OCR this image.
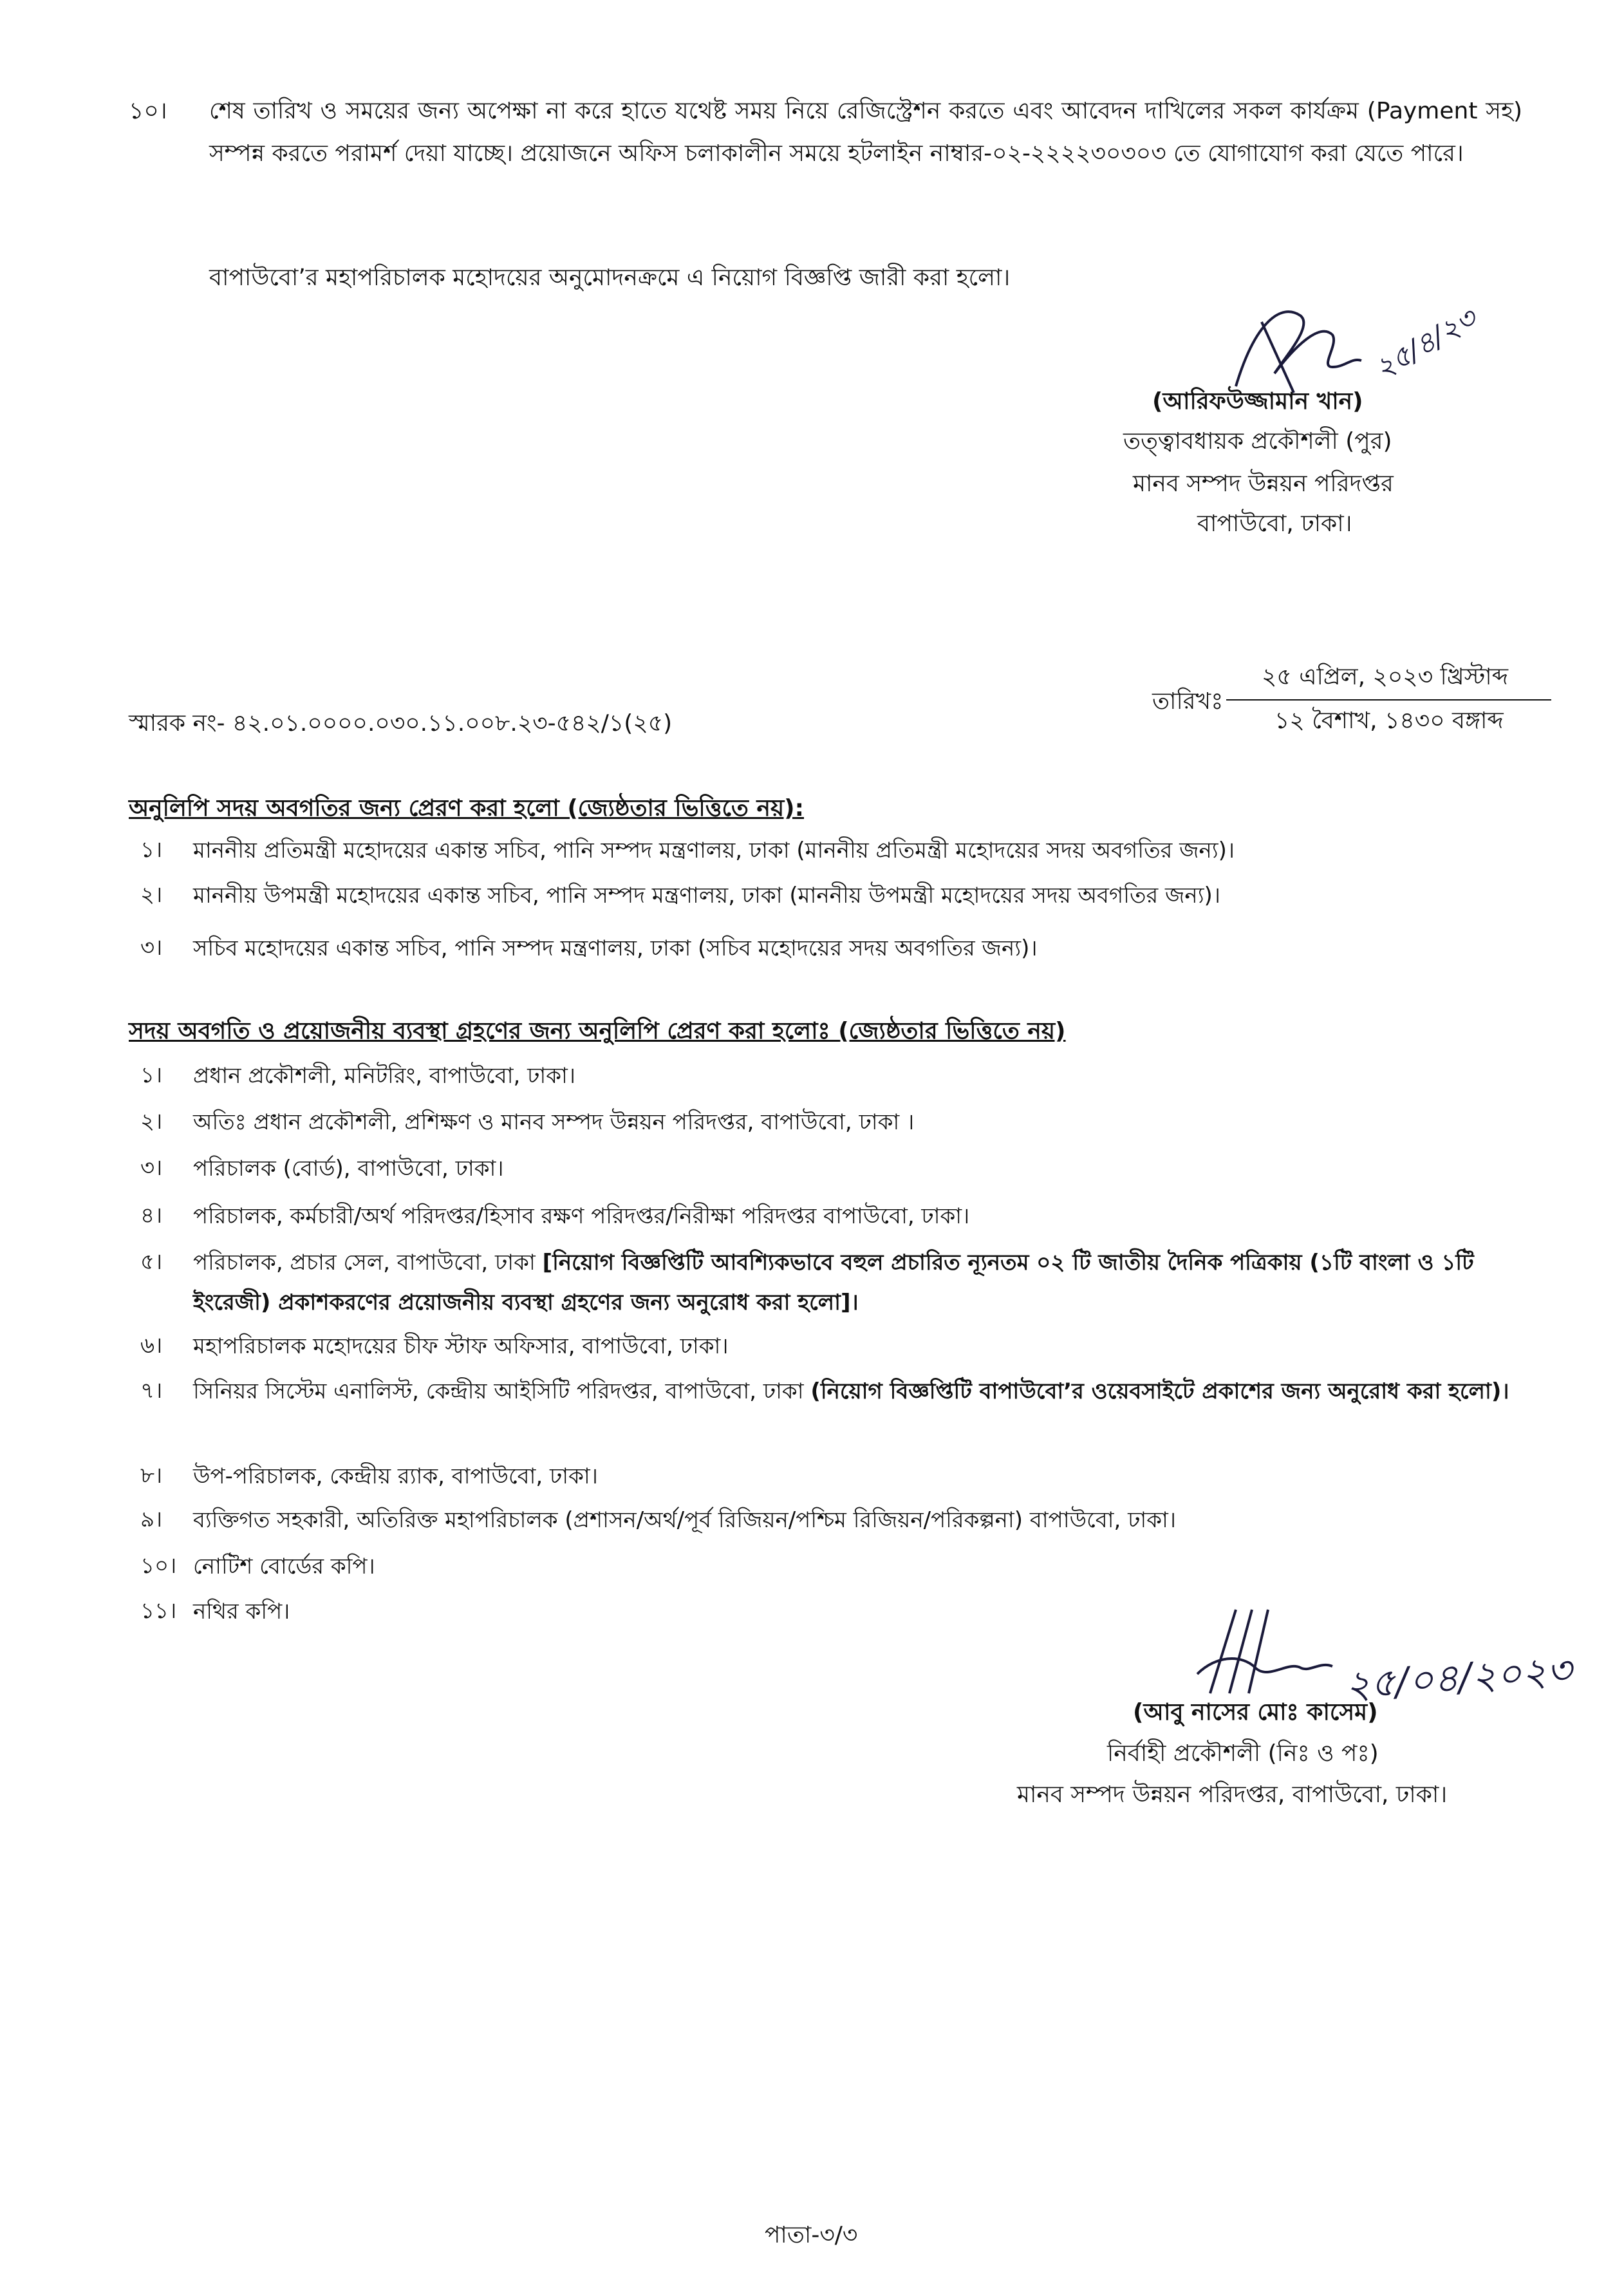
১০। শেষ তারিখ ও সময়ের জন্য অপেক্ষা না করে হাতে যথেষ্ট সময় নিয়ে রেজিস্ট্রেশন করতে এবং আবেদন দাখিলের সকল কার্যক্রম (Payment সহ) সম্পন্ন করতে পরামর্শ দেয়া যাচ্ছে। প্রয়োজনে অফিস চলাকালীন সময়ে হটলাইন নাম্বার-০২-২২২২৩০৩০৩ তে যোগাযোগ করা যেতে পারে।
বাপাউবো’র মহাপরিচালক মহোদয়ের অনুমোদনক্রমে এ নিয়োগ বিজ্ঞপ্তি জারী করা হলো।
২৫/৪/২৩
(আরিফউজ্জামান খান)
তত্ত্বাবধায়ক প্রকৌশলী (পুর)
মানব সম্পদ উন্নয়ন পরিদপ্তর
বাপাউবো, ঢাকা।
স্মারক নং- ৪২.০১.০০০০.০৩০.১১.০০৮.২৩-৫৪২/১(২৫)
তারিখঃ
২৫ এপ্রিল, ২০২৩ খ্রিস্টাব্দ
১২ বৈশাখ, ১৪৩০ বঙ্গাব্দ
অনুলিপি সদয় অবগতির জন্য প্রেরণ করা হলো (জ্যেষ্ঠতার ভিত্তিতে নয়):
১। মাননীয় প্রতিমন্ত্রী মহোদয়ের একান্ত সচিব, পানি সম্পদ মন্ত্রণালয়, ঢাকা (মাননীয় প্রতিমন্ত্রী মহোদয়ের সদয় অবগতির জন্য)।
২। মাননীয় উপমন্ত্রী মহোদয়ের একান্ত সচিব, পানি সম্পদ মন্ত্রণালয়, ঢাকা (মাননীয় উপমন্ত্রী মহোদয়ের সদয় অবগতির জন্য)।
৩। সচিব মহোদয়ের একান্ত সচিব, পানি সম্পদ মন্ত্রণালয়, ঢাকা (সচিব মহোদয়ের সদয় অবগতির জন্য)।
সদয় অবগতি ও প্রয়োজনীয় ব্যবস্থা গ্রহণের জন্য অনুলিপি প্রেরণ করা হলোঃ (জ্যেষ্ঠতার ভিত্তিতে নয়)
১। প্রধান প্রকৌশলী, মনিটরিং, বাপাউবো, ঢাকা।
২। অতিঃ প্রধান প্রকৌশলী, প্রশিক্ষণ ও মানব সম্পদ উন্নয়ন পরিদপ্তর, বাপাউবো, ঢাকা ।
৩। পরিচালক (বোর্ড), বাপাউবো, ঢাকা।
৪। পরিচালক, কর্মচারী/অর্থ পরিদপ্তর/হিসাব রক্ষণ পরিদপ্তর/নিরীক্ষা পরিদপ্তর বাপাউবো, ঢাকা।
৫। পরিচালক, প্রচার সেল, বাপাউবো, ঢাকা [নিয়োগ বিজ্ঞপ্তিটি আবশ্যিকভাবে বহুল প্রচারিত ন্যূনতম ০২ টি জাতীয় দৈনিক পত্রিকায় (১টি বাংলা ও ১টি ইংরেজী) প্রকাশকরণের প্রয়োজনীয় ব্যবস্থা গ্রহণের জন্য অনুরোধ করা হলো]।
৬। মহাপরিচালক মহোদয়ের চীফ স্টাফ অফিসার, বাপাউবো, ঢাকা।
৭। সিনিয়র সিস্টেম এনালিস্ট, কেন্দ্রীয় আইসিটি পরিদপ্তর, বাপাউবো, ঢাকা (নিয়োগ বিজ্ঞপ্তিটি বাপাউবো’র ওয়েবসাইটে প্রকাশের জন্য অনুরোধ করা হলো)।
৮। উপ-পরিচালক, কেন্দ্রীয় র‍্যাক, বাপাউবো, ঢাকা।
৯। ব্যক্তিগত সহকারী, অতিরিক্ত মহাপরিচালক (প্রশাসন/অর্থ/পূর্ব রিজিয়ন/পশ্চিম রিজিয়ন/পরিকল্পনা) বাপাউবো, ঢাকা।
১০। নোটিশ বোর্ডের কপি।
১১। নথির কপি।
২৫/০৪/২০২৩
(আবু নাসের মোঃ কাসেম)
নির্বাহী প্রকৌশলী (নিঃ ও পঃ)
মানব সম্পদ উন্নয়ন পরিদপ্তর, বাপাউবো, ঢাকা।
পাতা-৩/৩
